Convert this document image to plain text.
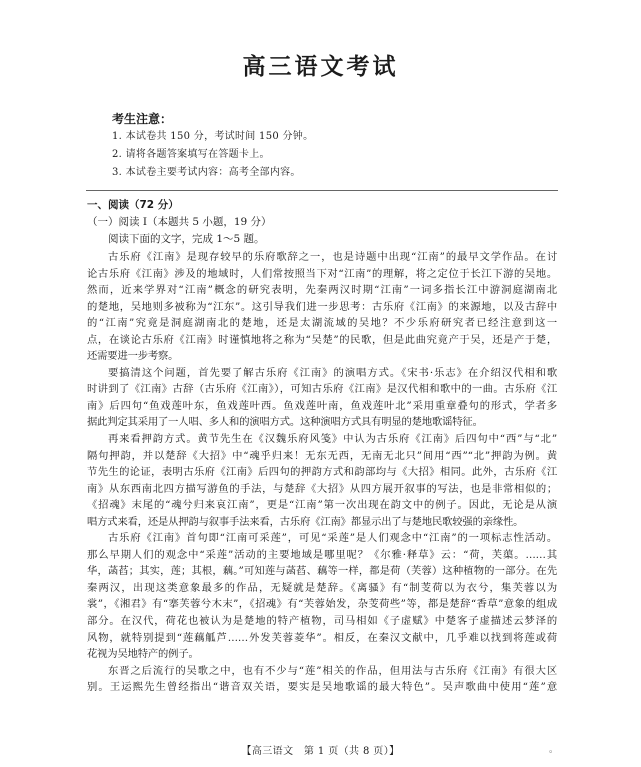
高三语文考试
考生注意：
1. 本试卷共 150 分，考试时间 150 分钟。
2. 请将各题答案填写在答题卡上。
3. 本试卷主要考试内容：高考全部内容。
一、阅读（72 分）
（一）阅读 I（本题共 5 小题，19 分）
阅读下面的文字，完成 1～5 题。
古乐府《江南》是现存较早的乐府歌辞之一，也是诗题中出现“江南”的最早文学作品。在讨
论古乐府《江南》涉及的地域时，人们常按照当下对“江南”的理解，将之定位于长江下游的吴地。
然而，近来学界对“江南”概念的研究表明，先秦两汉时期“江南”一词多指长江中游洞庭湖南北
的楚地，吴地则多被称为“江东”。这引导我们进一步思考：古乐府《江南》的来源地，以及古辞中
的“江南”究竟是洞庭湖南北的楚地，还是太湖流域的吴地？不少乐府研究者已经注意到这一
点，在谈论古乐府《江南》时谨慎地将之称为“吴楚”的民歌，但是此曲究竟产于吴，还是产于楚，
还需要进一步考察。
要搞清这个问题，首先要了解古乐府《江南》的演唱方式。《宋书·乐志》在介绍汉代相和歌
时讲到了《江南》古辞（古乐府《江南》），可知古乐府《江南》是汉代相和歌中的一曲。古乐府《江
南》后四句“鱼戏莲叶东，鱼戏莲叶西。鱼戏莲叶南，鱼戏莲叶北”采用重章叠句的形式，学者多
据此判定其采用了一人唱、多人和的演唱方式。这种演唱方式具有明显的楚地歌谣特征。
再来看押韵方式。黄节先生在《汉魏乐府风笺》中认为古乐府《江南》后四句中“西”与“北”
隔句押韵，并以楚辞《大招》中“魂乎归来！无东无西，无南无北只”间用“西”“北”押韵为例。黄
节先生的论证，表明古乐府《江南》后四句的押韵方式和韵部均与《大招》相同。此外，古乐府《江
南》从东西南北四方描写游鱼的手法，与楚辞《大招》从四方展开叙事的写法，也是非常相似的；
《招魂》末尾的“魂兮归来哀江南”，更是“江南”第一次出现在韵文中的例子。因此，无论是从演
唱方式来看，还是从押韵与叙事手法来看，古乐府《江南》都显示出了与楚地民歌较强的亲缘性。
古乐府《江南》首句即“江南可采莲”，可见“采莲”是人们观念中“江南”的一项标志性活动。
那么早期人们的观念中“采莲”活动的主要地域是哪里呢？《尔雅·释草》云：“荷，芙蕖。……其
华，菡萏；其实，莲；其根，藕。”可知莲与菡萏、藕等一样，都是荷（芙蓉）这种植物的一部分。在先
秦两汉，出现这类意象最多的作品，无疑就是楚辞。《离骚》有“制芰荷以为衣兮，集芙蓉以为
裳”，《湘君》有“搴芙蓉兮木末”，《招魂》有“芙蓉始发，杂芰荷些”等，都是楚辞“香草”意象的组成
部分。在汉代，荷花也被认为是楚地的特产植物，司马相如《子虚赋》中楚客子虚描述云梦泽的
风物，就特别提到“莲藕觚芦……外发芙蓉菱华”。相反，在秦汉文献中，几乎难以找到将莲或荷
花视为吴地特产的例子。
东晋之后流行的吴歌之中，也有不少与“莲”相关的作品，但用法与古乐府《江南》有很大区
别。王运熙先生曾经指出“谐音双关语，要实是吴地歌谣的最大特色”。吴声歌曲中使用“莲”意
【高三语文　第 1 页（共 8 页）】	。
